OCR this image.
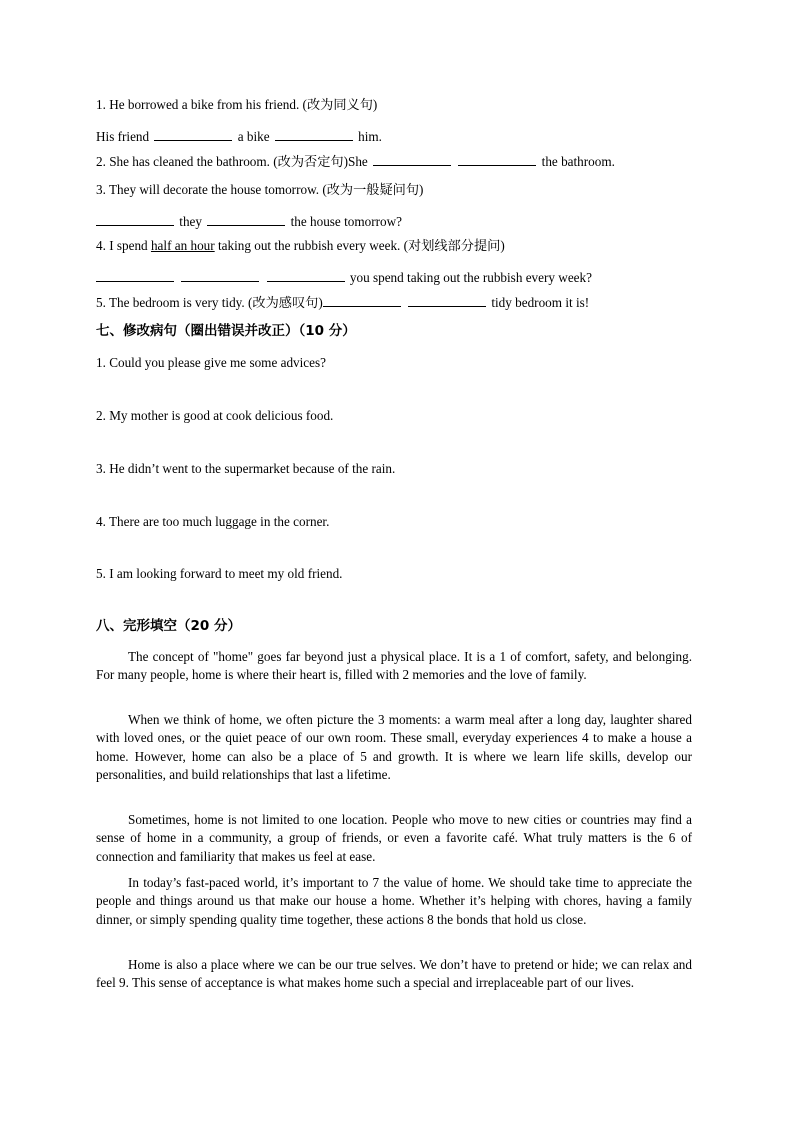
1. He borrowed a bike from his friend. (改为同义句)
His friend	a bike	him.
2. She has cleaned the bathroom. (改为否定句)She	the bathroom.
3. They will decorate the house tomorrow. (改为一般疑问句)
they	the house tomorrow?
4. I spend half an hour taking out the rubbish every week. (对划线部分提问)
you spend taking out the rubbish every week?
5. The bedroom is very tidy. (改为感叹句)	tidy bedroom it is!
七、修改病句（圈出错误并改正）（10 分）
1. Could you please give me some advices?
2. My mother is good at cook delicious food.
3. He didn’t went to the supermarket because of the rain.
4. There are too much luggage in the corner.
5. I am looking forward to meet my old friend.
八、完形填空（20 分）
The concept of "home" goes far beyond just a physical place. It is a 1 of comfort, safety, and belonging. For many people, home is where their heart is, filled with 2 memories and the love of family.
When we think of home, we often picture the 3 moments: a warm meal after a long day, laughter shared with loved ones, or the quiet peace of our own room. These small, everyday experiences 4 to make a house a home. However, home can also be a place of 5 and growth. It is where we learn life skills, develop our personalities, and build relationships that last a lifetime.
Sometimes, home is not limited to one location. People who move to new cities or countries may find a sense of home in a community, a group of friends, or even a favorite café. What truly matters is the 6 of connection and familiarity that makes us feel at ease.
In today’s fast-paced world, it’s important to 7 the value of home. We should take time to appreciate the people and things around us that make our house a home. Whether it’s helping with chores, having a family dinner, or simply spending quality time together, these actions 8 the bonds that hold us close.
Home is also a place where we can be our true selves. We don’t have to pretend or hide; we can relax and feel 9. This sense of acceptance is what makes home such a special and irreplaceable part of our lives.
